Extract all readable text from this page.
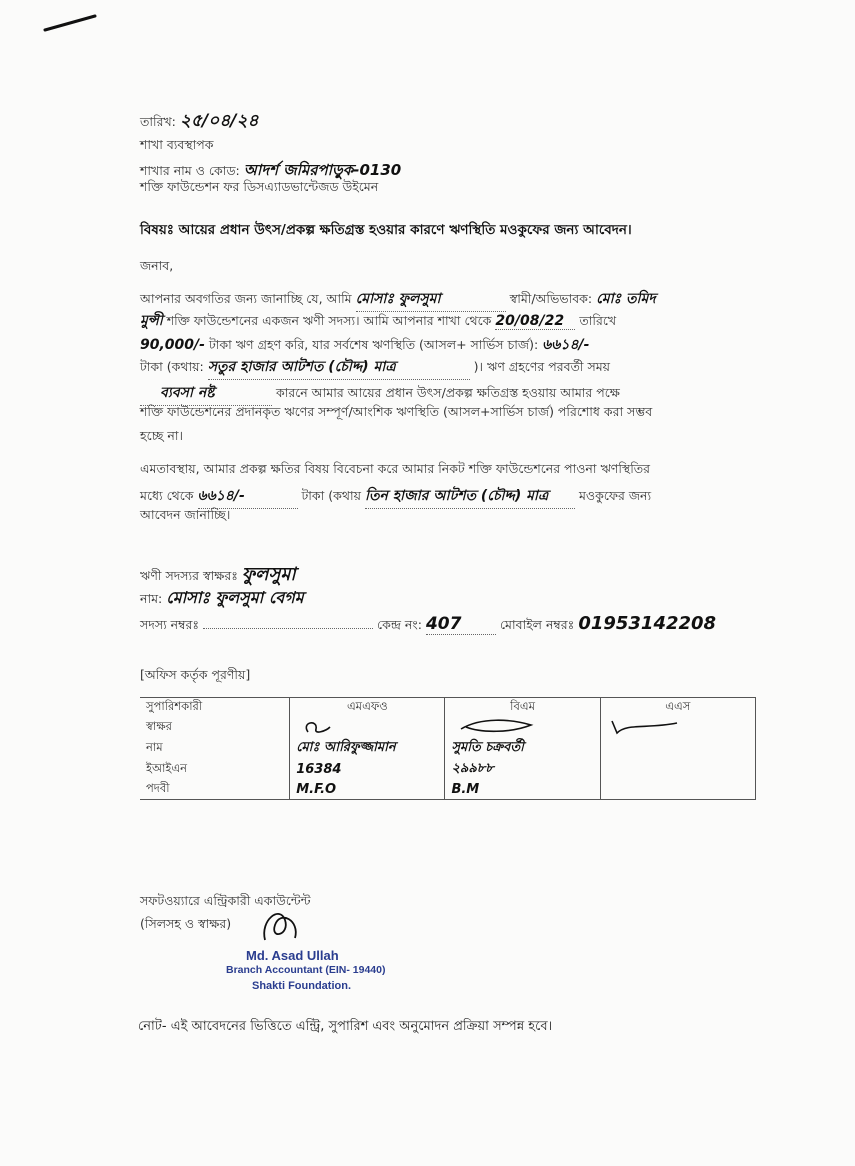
তারিখ: ২৫/০৪/২৪
শাখা ব্যবস্থাপক
শাখার নাম ও কোড: আদর্শ জমিরপাড়ুক-0130
শক্তি ফাউন্ডেশন ফর ডিসএ্যাডভান্টেজড উইমেন
বিষয়ঃ আয়ের প্রধান উৎস/প্রকল্প ক্ষতিগ্রস্ত হওয়ার কারণে ঋণস্থিতি মওকুফের জন্য আবেদন।
জনাব,
আপনার অবগতির জন্য জানাচ্ছি যে, আমি মোসাঃ ফুলসুমা	স্বামী/অভিভাবক: মোঃ তমিদ
মুন্সী শক্তি ফাউন্ডেশনের একজন ঋণী সদস্য। আমি আপনার শাখা থেকে 20/08/22 তারিখে
90,000/- টাকা ঋণ গ্রহণ করি, যার সর্বশেষ ঋণস্থিতি (আসল+ সার্ভিস চার্জ): ৬৬১৪/-
টাকা (কথায়: সতুর হাজার আটশত (চৌদ্দ) মাত্র	)। ঋণ গ্রহণের পরবর্তী সময়
ব্যবসা নষ্ট	কারনে আমার আয়ের প্রধান উৎস/প্রকল্প ক্ষতিগ্রস্ত হওয়ায় আমার পক্ষে
শক্তি ফাউন্ডেশনের প্রদানকৃত ঋণের সম্পূর্ণ/আংশিক ঋণস্থিতি (আসল+সার্ভিস চার্জ) পরিশোধ করা সম্ভব
হচ্ছে না।
এমতাবস্থায়, আমার প্রকল্প ক্ষতির বিষয় বিবেচনা করে আমার নিকট শক্তি ফাউন্ডেশনের পাওনা ঋণস্থিতির
মধ্যে থেকে ৬৬১৪/-	টাকা (কথায় তিন হাজার আটশত (চৌদ্দ) মাত্র মওকুফের জন্য
আবেদন জানাচ্ছি।
ঋণী সদস্যর স্বাক্ষরঃ ফুলসুমা
নাম: মোসাঃ ফুলসুমা বেগম
সদস্য নম্বরঃ	কেন্দ্র নং: 407	মোবাইল নম্বরঃ 01953142208
[অফিস কর্তৃক পূরণীয়]
সুপারিশকারী	এমএফও	বিএম	এএস
স্বাক্ষর			
নাম	মোঃ আরিফুজ্জামান	সুমতি চক্রবর্তী	
ইআইএন	16384	২৯৯৮৮	
পদবী	M.F.O	B.M	
সফটওয়্যারে এন্ট্রিকারী একাউন্টেন্ট
(সিলসহ ও স্বাক্ষর)
Md. Asad Ullah
Branch Accountant (EIN- 19440)
Shakti Foundation.
নোট- এই আবেদনের ভিত্তিতে এন্ট্রি, সুপারিশ এবং অনুমোদন প্রক্রিয়া সম্পন্ন হবে।
